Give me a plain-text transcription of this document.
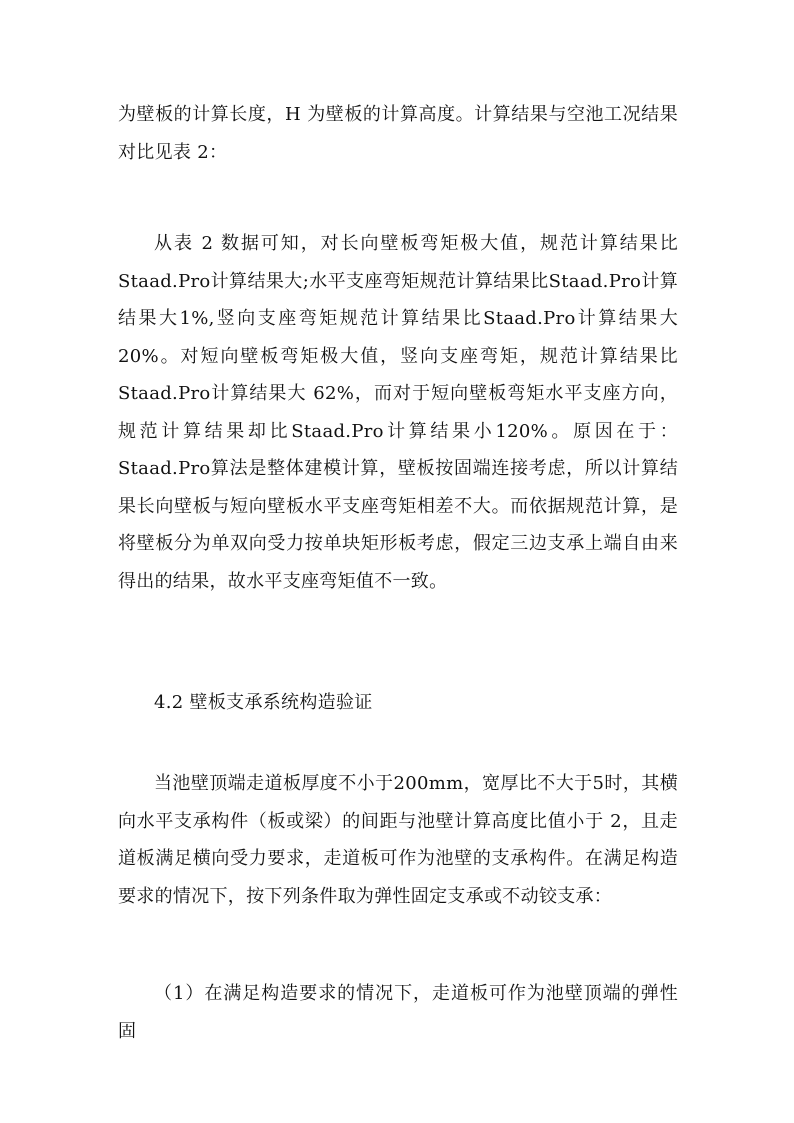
为壁板的计算长度，H 为壁板的计算高度。计算结果与空池工况结果对比见表 2：

从表 2 数据可知，对长向壁板弯矩极大值，规范计算结果比Staad.Pro计算结果大;水平支座弯矩规范计算结果比Staad.Pro计算结果大1%,竖向支座弯矩规范计算结果比Staad.Pro计算结果大20%。对短向壁板弯矩极大值，竖向支座弯矩，规范计算结果比 Staad.Pro计算结果大 62%，而对于短向壁板弯矩水平支座方向，规范计算结果却比Staad.Pro计算结果小120%。原因在于：Staad.Pro算法是整体建模计算，壁板按固端连接考虑，所以计算结果长向壁板与短向壁板水平支座弯矩相差不大。而依据规范计算，是将壁板分为单双向受力按单块矩形板考虑，假定三边支承上端自由来得出的结果，故水平支座弯矩值不一致。

4.2 壁板支承系统构造验证

当池壁顶端走道板厚度不小于200mm，宽厚比不大于5时，其横向水平支承构件（板或梁）的间距与池壁计算高度比值小于 2，且走道板满足横向受力要求，走道板可作为池壁的支承构件。在满足构造要求的情况下，按下列条件取为弹性固定支承或不动铰支承：

（1）在满足构造要求的情况下，走道板可作为池壁顶端的弹性固
